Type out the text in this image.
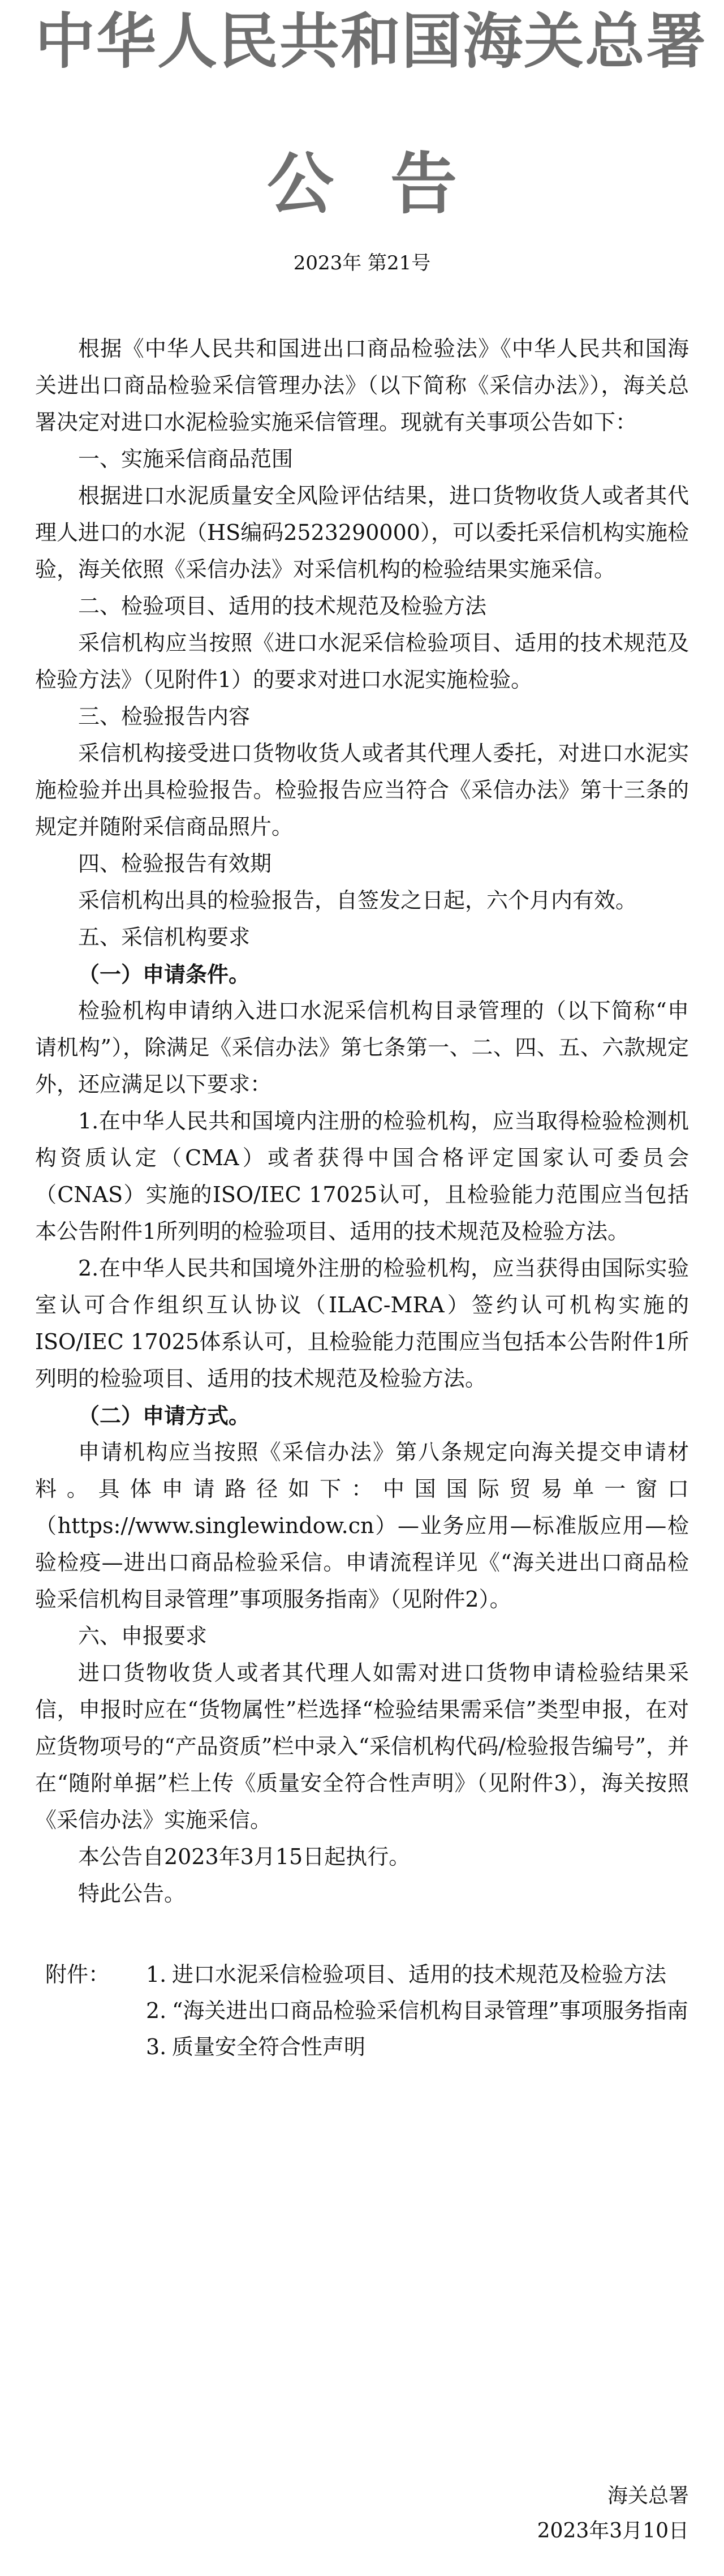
中华人民共和国海关总署
公告
2023年 第21号

根据《中华人民共和国进出口商品检验法》《中华人民共和国海关进出口商品检验采信管理办法》（以下简称《采信办法》），海关总署决定对进口水泥检验实施采信管理。现就有关事项公告如下：

一、实施采信商品范围

根据进口水泥质量安全风险评估结果，进口货物收货人或者其代理人进口的水泥（HS编码2523290000），可以委托采信机构实施检验，海关依照《采信办法》对采信机构的检验结果实施采信。

二、检验项目、适用的技术规范及检验方法

采信机构应当按照《进口水泥采信检验项目、适用的技术规范及检验方法》（见附件1）的要求对进口水泥实施检验。

三、检验报告内容

采信机构接受进口货物收货人或者其代理人委托，对进口水泥实施检验并出具检验报告。检验报告应当符合《采信办法》第十三条的规定并随附采信商品照片。

四、检验报告有效期

采信机构出具的检验报告，自签发之日起，六个月内有效。

五、采信机构要求

（一）申请条件。

检验机构申请纳入进口水泥采信机构目录管理的（以下简称“申请机构”），除满足《采信办法》第七条第一、二、四、五、六款规定外，还应满足以下要求：

1.在中华人民共和国境内注册的检验机构，应当取得检验检测机构资质认定（CMA）或者获得中国合格评定国家认可委员会（CNAS）实施的ISO/IEC 17025认可，且检验能力范围应当包括本公告附件1所列明的检验项目、适用的技术规范及检验方法。

2.在中华人民共和国境外注册的检验机构，应当获得由国际实验室认可合作组织互认协议（ILAC-MRA）签约认可机构实施的ISO/IEC 17025体系认可，且检验能力范围应当包括本公告附件1所列明的检验项目、适用的技术规范及检验方法。

（二）申请方式。

申请机构应当按照《采信办法》第八条规定向海关提交申请材料。具体申请路径如下：中国国际贸易单一窗口（https://www.singlewindow.cn）—业务应用—标准版应用—检验检疫—进出口商品检验采信。申请流程详见《“海关进出口商品检验采信机构目录管理”事项服务指南》（见附件2）。

六、申报要求

进口货物收货人或者其代理人如需对进口货物申请检验结果采信，申报时应在“货物属性”栏选择“检验结果需采信”类型申报，在对应货物项号的“产品资质”栏中录入“采信机构代码/检验报告编号”，并在“随附单据”栏上传《质量安全符合性声明》（见附件3），海关按照《采信办法》实施采信。

本公告自2023年3月15日起执行。

特此公告。

附件：	1. 进口水泥采信检验项目、适用的技术规范及检验方法
2. “海关进出口商品检验采信机构目录管理”事项服务指南
3. 质量安全符合性声明
海关总署
2023年3月10日
